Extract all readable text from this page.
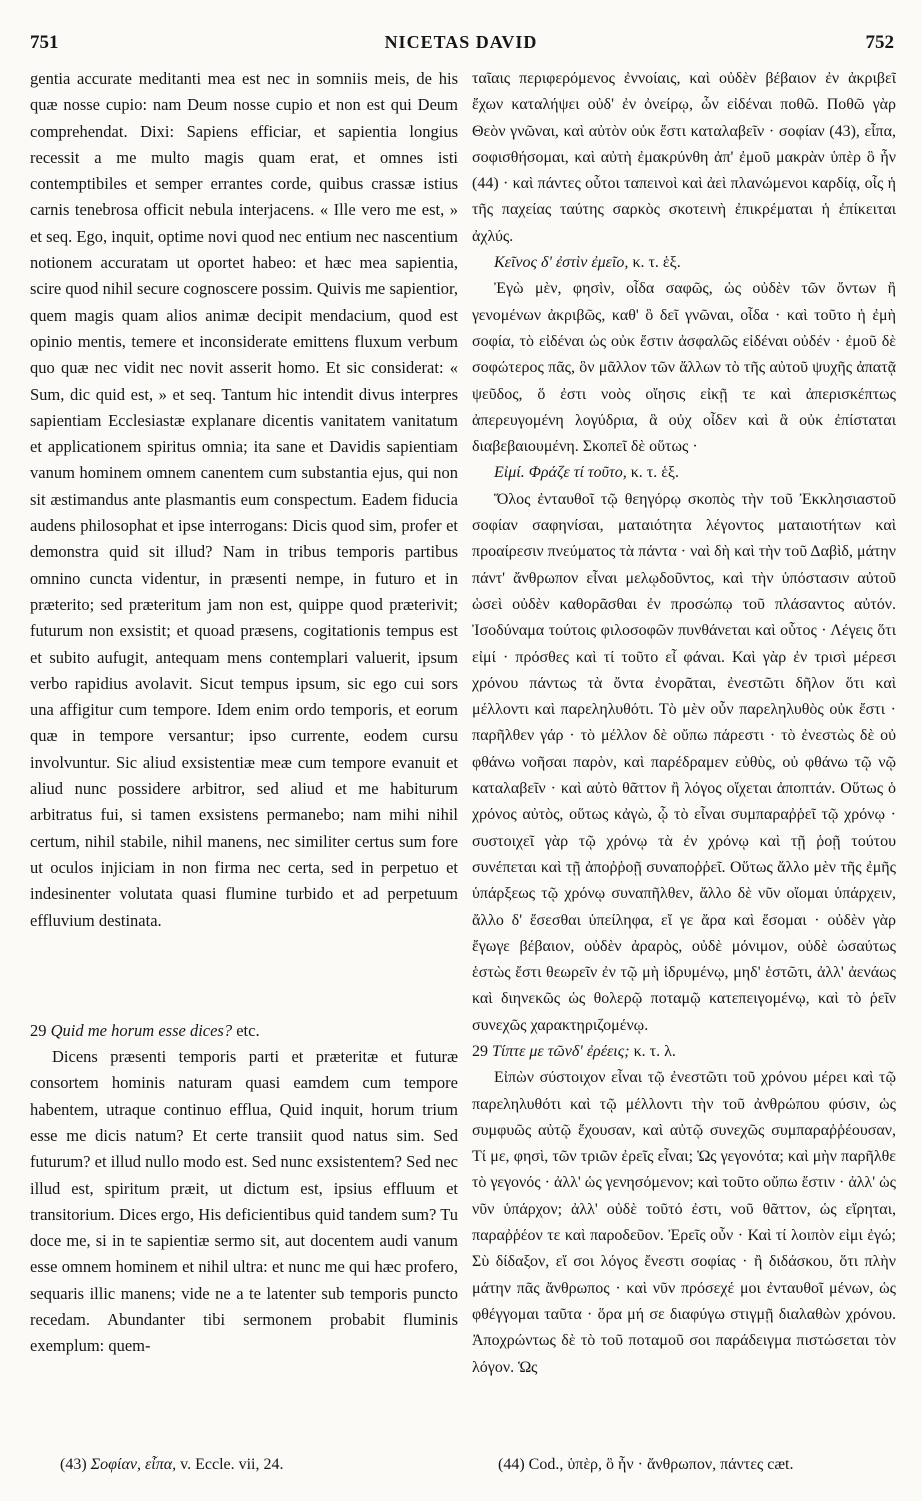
751	NICETAS DAVID	752

gentia accurate meditanti mea est nec in somniis meis, de his quæ nosse cupio: nam Deum nosse cupio et non est qui Deum comprehendat. Dixi: Sapiens efficiar, et sapientia longius recessit a me multo magis quam erat, et omnes isti contemptibiles et semper errantes corde, quibus crassæ istius carnis tenebrosa officit nebula interjacens. « Ille vero me est, » et seq. Ego, inquit, optime novi quod nec entium nec nascentium notionem accuratam ut oportet habeo: et hæc mea sapientia, scire quod nihil secure cognoscere possim. Quivis me sapientior, quem magis quam alios animæ decipit mendacium, quod est opinio mentis, temere et inconsiderate emittens fluxum verbum quo quæ nec vidit nec novit asserit homo. Et sic considerat: « Sum, dic quid est, » et seq. Tantum hic intendit divus interpres sapientiam Ecclesiastæ explanare dicentis vanitatem vanitatum et applicationem spiritus omnia; ita sane et Davidis sapientiam vanum hominem omnem canentem cum substantia ejus, qui non sit æstimandus ante plasmantis eum conspectum. Eadem fiducia audens philosophat et ipse interrogans: Dicis quod sim, profer et demonstra quid sit illud? Nam in tribus temporis partibus omnino cuncta videntur, in præsenti nempe, in futuro et in præterito; sed præteritum jam non est, quippe quod præterivit; futurum non exsistit; et quoad præsens, cogitationis tempus est et subito aufugit, antequam mens contemplari valuerit, ipsum verbo rapidius avolavit. Sicut tempus ipsum, sic ego cui sors una affigitur cum tempore. Idem enim ordo temporis, et eorum quæ in tempore versantur; ipso currente, eodem cursu involvuntur. Sic aliud exsistentiæ meæ cum tempore evanuit et aliud nunc possidere arbitror, sed aliud et me habiturum arbitratus fui, si tamen exsistens permanebo; nam mihi nihil certum, nihil stabile, nihil manens, nec similiter certus sum fore ut oculos injiciam in non firma nec certa, sed in perpetuo et indesinenter volutata quasi flumine turbido et ad perpetuum effluvium destinata.

29 Quid me horum esse dices? etc.

Dicens præsenti temporis parti et præteritæ et futuræ consortem hominis naturam quasi eamdem cum tempore habentem, utraque continuo effluа, Quid inquit, horum trium esse me dicis natum? Et certe transiit quod natus sim. Sed futurum? et illud nullo modo est. Sed nunc exsistentem? Sed nec illud est, spiritum præit, ut dictum est, ipsius effluum et transitorium. Dices ergo, His deficientibus quid tandem sum? Tu doce me, si in te sapientiæ sermo sit, aut docentem audi vanum esse omnem hominem et nihil ultra: et nunc me qui hæc profero, sequaris illic manens; vide ne a te latenter sub temporis puncto recedam. Abundanter tibi sermonem probabit fluminis exemplum: quem-

ταῖαις περιφερόμενος ἐννοίαις, καὶ οὐδὲν βέβαιον ἐν ἀκριβεῖ ἔχων καταλήψει οὐδ' ἐν ὀνείρῳ, ὧν εἰδέναι ποθῶ. Ποθῶ γὰρ Θεὸν γνῶναι, καὶ αὐτὸν οὐκ ἔστι καταλαβεῖν · σοφίαν (43), εἶπα, σοφισθήσομαι, καὶ αὐτὴ ἐμακρύνθη ἀπ' ἐμοῦ μακρὰν ὑπὲρ ὃ ἦν (44) · καὶ πάντες οὗτοι ταπεινοὶ καὶ ἀεὶ πλανώμενοι καρδίᾳ, οἷς ἡ τῆς παχείας ταύτης σαρκὸς σκοτεινὴ ἐπικρέμαται ἡ ἐπίκειται ἀχλύς.

Κεῖνος δ' ἐστὶν ἐμεῖο, κ. τ. ἑξ.

Ἐγὼ μὲν, φησὶν, οἶδα σαφῶς, ὡς οὐδὲν τῶν ὄντων ἢ γενομένων ἀκριβῶς, καθ' ὃ δεῖ γνῶναι, οἶδα · καὶ τοῦτο ἡ ἐμὴ σοφία, τὸ εἰδέναι ὡς οὐκ ἔστιν ἀσφαλῶς εἰδέναι οὐδέν · ἐμοῦ δὲ σοφώτερος πᾶς, ὃν μᾶλλον τῶν ἄλλων τὸ τῆς αὐτοῦ ψυχῆς ἀπατᾷ ψεῦδος, ὅ ἐστι νοὸς οἴησις εἰκῇ τε καὶ ἀπερισκέπτως ἀπερευγομένη λογύδρια, ἃ οὐχ οἶδεν καὶ ἃ οὐκ ἐπίσταται διαβεβαιουμένη. Σκοπεῖ δὲ οὕτως ·

Εἰμί. Φράζε τί τοῦτο, κ. τ. ἑξ.

Ὅλος ἐνταυθοῖ τῷ θεηγόρῳ σκοπὸς τὴν τοῦ Ἐκκλησιαστοῦ σοφίαν σαφηνίσαι, ματαιότητα λέγοντος ματαιοτήτων καὶ προαίρεσιν πνεύματος τὰ πάντα · ναὶ δὴ καὶ τὴν τοῦ Δαβὶδ, μάτην πάντ' ἄνθρωπον εἶναι μελῳδοῦντος, καὶ τὴν ὑπόστασιν αὐτοῦ ὡσεὶ οὐδὲν καθορᾶσθαι ἐν προσώπῳ τοῦ πλάσαντος αὐτόν. Ἰσοδύναμα τούτοις φιλοσοφῶν πυνθάνεται καὶ οὗτος · Λέγεις ὅτι εἰμί · πρόσθες καὶ τί τοῦτο εἶ φάναι. Καὶ γὰρ ἐν τρισὶ μέρεσι χρόνου πάντως τὰ ὄντα ἐνορᾶται, ἐνεστῶτι δῆλον ὅτι καὶ μέλλοντι καὶ παρεληλυθότι. Τὸ μὲν οὖν παρεληλυθὸς οὐκ ἔστι · παρῆλθεν γάρ · τὸ μέλλον δὲ οὔπω πάρεστι · τὸ ἐνεστὼς δὲ οὐ φθάνω νοῆσαι παρὸν, καὶ παρέδραμεν εὐθὺς, οὐ φθάνω τῷ νῷ καταλαβεῖν · καὶ αὐτὸ θᾶττον ἢ λόγος οἴχεται ἀποπτάν. Οὕτως ὁ χρόνος αὐτὸς, οὕτως κἀγὼ, ᾧ τὸ εἶναι συμπαραῤῥεῖ τῷ χρόνῳ · συστοιχεῖ γὰρ τῷ χρόνῳ τὰ ἐν χρόνῳ καὶ τῇ ῥοῇ τούτου συνέπεται καὶ τῇ ἀποῤῥοῇ συναποῤῥεῖ. Οὕτως ἄλλο μὲν τῆς ἐμῆς ὑπάρξεως τῷ χρόνῳ συναπῆλθεν, ἄλλο δὲ νῦν οἴομαι ὑπάρχειν, ἄλλο δ' ἔσεσθαι ὑπείληφα, εἴ γε ἄρα καὶ ἔσομαι · οὐδὲν γὰρ ἔγωγε βέβαιον, οὐδὲν ἀραρὸς, οὐδὲ μόνιμον, οὐδὲ ὡσαύτως ἑστὼς ἔστι θεωρεῖν ἐν τῷ μὴ ἱδρυμένῳ, μηδ' ἑστῶτι, ἀλλ' ἀενάως καὶ διηνεκῶς ὡς θολερῷ ποταμῷ κατεπειγομένῳ, καὶ τὸ ῥεῖν συνεχῶς χαρακτηριζομένῳ.

29 Τίπτε με τῶνδ' ἐρέεις; κ. τ. λ.

Εἰπὼν σύστοιχον εἶναι τῷ ἐνεστῶτι τοῦ χρόνου μέρει καὶ τῷ παρεληλυθότι καὶ τῷ μέλλοντι τὴν τοῦ ἀνθρώπου φύσιν, ὡς συμφυῶς αὐτῷ ἔχουσαν, καὶ αὐτῷ συνεχῶς συμπαραῤῥέουσαν, Τί με, φησὶ, τῶν τριῶν ἐρεῖς εἶναι; Ὡς γεγονότα; καὶ μὴν παρῆλθε τὸ γεγονός · ἀλλ' ὡς γενησόμενον; καὶ τοῦτο οὔπω ἔστιν · ἀλλ' ὡς νῦν ὑπάρχον; ἀλλ' οὐδὲ τοῦτό ἐστι, νοῦ θᾶττον, ὡς εἴρηται, παραῤῥέον τε καὶ παροδεῦον. Ἐρεῖς οὖν · Καὶ τί λοιπὸν εἰμι ἐγώ; Σὺ δίδαξον, εἴ σοι λόγος ἔνεστι σοφίας · ἢ διδάσκου, ὅτι πλὴν μάτην πᾶς ἄνθρωπος · καὶ νῦν πρόσεχέ μοι ἐνταυθοῖ μένων, ὡς φθέγγομαι ταῦτα · ὅρα μή σε διαφύγω στιγμῇ διαλαθὼν χρόνου. Ἀποχρώντως δὲ τὸ τοῦ ποταμοῦ σοι παράδειγμα πιστώσεται τὸν λόγον. Ὡς

(43) Σοφίαν, εἶπα, v. Eccle. vii, 24.	(44) Cod., ὑπὲρ, ὃ ἦν · ἄνθρωπον, πάντες cæt.
